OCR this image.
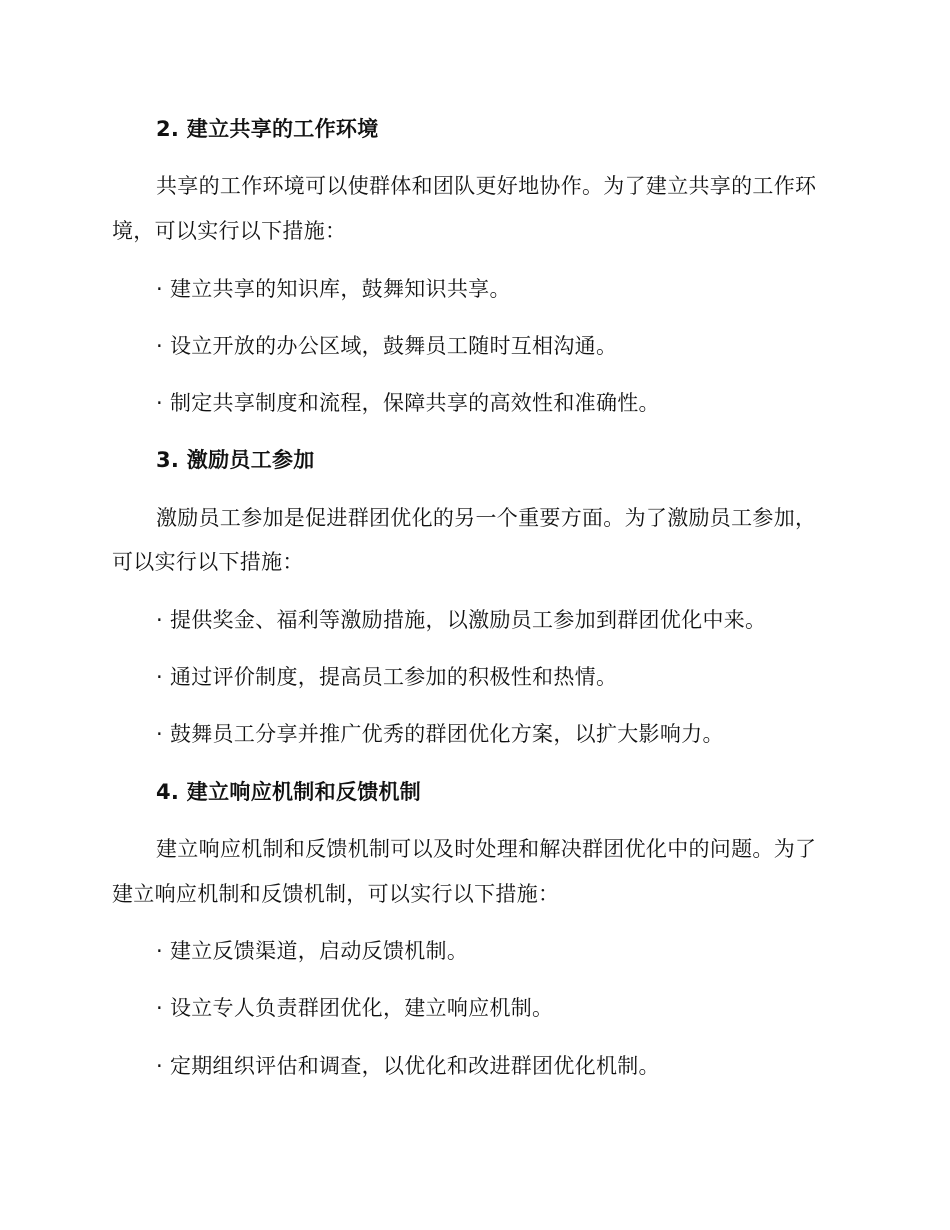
2. 建立共享的工作环境

共享的工作环境可以使群体和团队更好地协作。为了建立共享的工作环

境，可以实行以下措施：

· 建立共享的知识库，鼓舞知识共享。

· 设立开放的办公区域，鼓舞员工随时互相沟通。

· 制定共享制度和流程，保障共享的高效性和准确性。

3. 激励员工参加

激励员工参加是促进群团优化的另一个重要方面。为了激励员工参加，

可以实行以下措施：

· 提供奖金、福利等激励措施，以激励员工参加到群团优化中来。

· 通过评价制度，提高员工参加的积极性和热情。

· 鼓舞员工分享并推广优秀的群团优化方案，以扩大影响力。

4. 建立响应机制和反馈机制

建立响应机制和反馈机制可以及时处理和解决群团优化中的问题。为了

建立响应机制和反馈机制，可以实行以下措施：

· 建立反馈渠道，启动反馈机制。

· 设立专人负责群团优化，建立响应机制。

· 定期组织评估和调查，以优化和改进群团优化机制。
